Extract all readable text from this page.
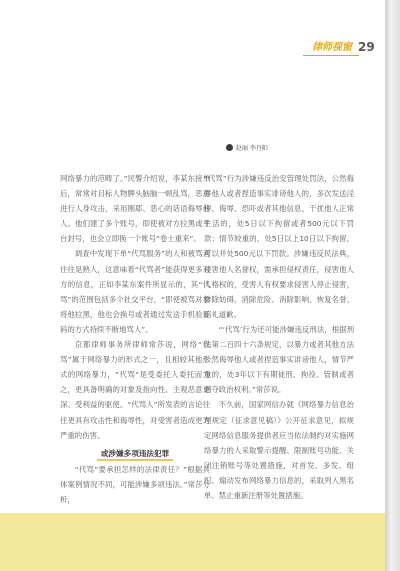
律师视窗 29
赵丽 李丹阳

网络暴力的范畴了。”民警介绍说，李某东接单后，常常对目标人物脾头脑脑一顿乱骂，恶意进行人身攻击，采用刚耶、恶心的话语侮辱他人。他们建了多个账号，即使被对方拉黑或平台封号，也会立即换一个账号“卷土重来”。

调查中发现下单“代骂服务”的人和被骂者往往是熟人，这意味着“代骂者”能获得更多对方的信息，正如李某东案件所显示的，其“代骂”的范围包括多个社交平台，“即使被骂对象将他拉黑，他也会换号或者通过发送手机验证码的方式持续不断地骂人”。

京都律师事务所律师常莎说，网络“代骂”属于网络暴力的形式之一，且相较其他形式的网络暴力，“代骂”是受委托人委托而为之，更具备明确的对象及指向性、主观恶意更深、受利益的驱使。“代骂人”所发表的言论往往更具有攻击性和侮辱性，对受害者造成更为严重的伤害。

或涉嫌多项违法犯罪

“代骂”要承担怎样的法律责任？”根据具体案例情况不同，可能涉嫌多项违法。”常莎分析，

“代骂”行为涉嫌违反治安管理处罚法，公然侮辱他人或者捏造事实诽谤他人的，多次发送淫秽、侮辱、恐吓或者其他信息，干扰他人正常生活的，处5日以下拘留或者500元以下罚款；情节较重的，处5日以上10日以下拘留，可以并处500元以下罚款。涉嫌违反民法典，侵害他人名誉权，需承担侵权责任，侵害他人人格权的，受害人有权要求侵害人停止侵害，排除妨碍、消除危险、消除影响、恢复名誉、赔礼道歉。

“‘代骂’行为还可能涉嫌违反刑法，根据刑法第二百四十六条规定，以暴力或者其他方法公然侮辱他人或者捏造事实诽谤他人，情节严重的，处3年以下有期徒刑、拘役、管制或者剥夺政治权利。”常莎说。

不久前，国家网信办就《网络暴力信息治理规定（征求意见稿）》公开征求意见，拟规定网络信息服务提供者应当依法制约对实施网络暴力的人采取警示提醒、限制账号功能、关闭注销账号等处置措施，对首发、多发、组织、煽动发布网络暴力信息的，采取列入黑名单、禁止重新注册等处置措施。
